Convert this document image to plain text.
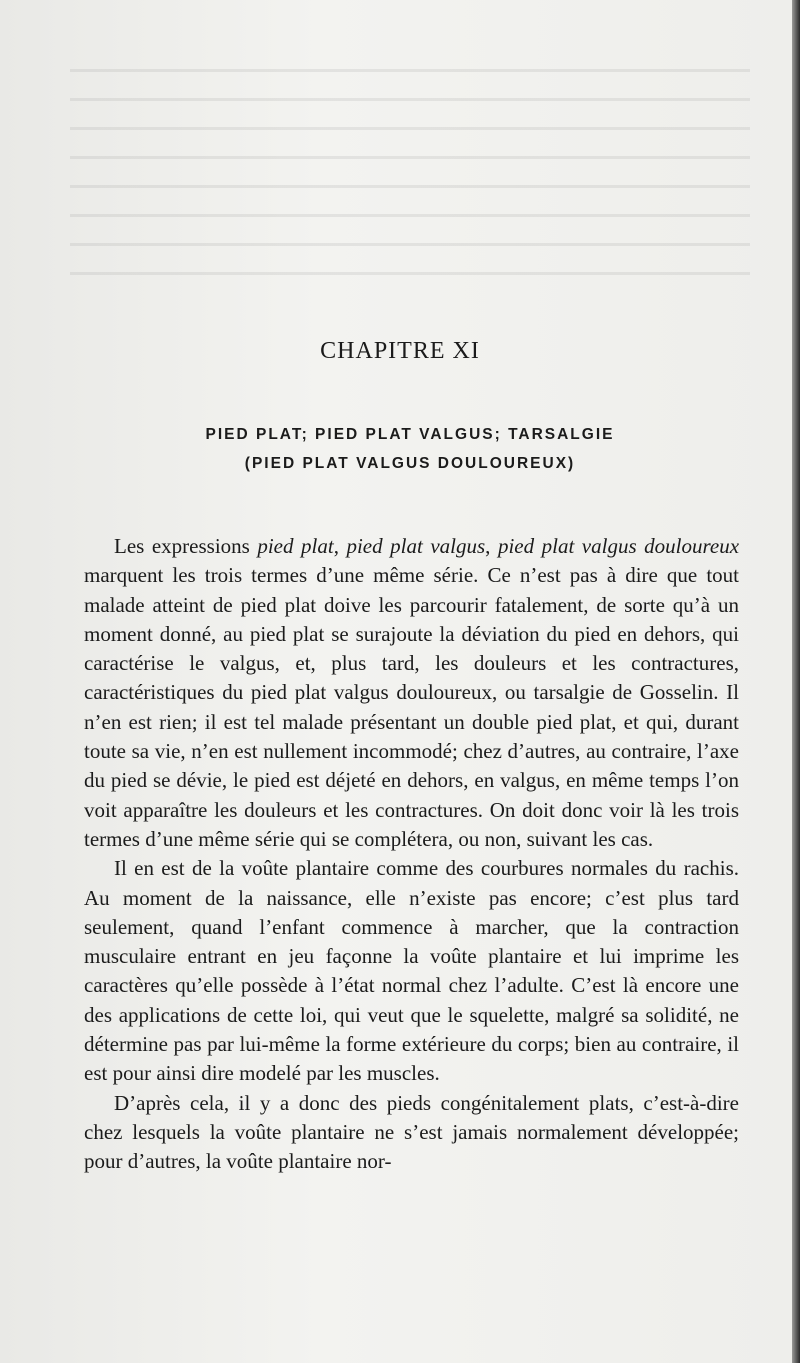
CHAPITRE XI
PIED PLAT; PIED PLAT VALGUS; TARSALGIE
(PIED PLAT VALGUS DOULOUREUX)

Les expressions pied plat, pied plat valgus, pied plat valgus douloureux marquent les trois termes d’une même série. Ce n’est pas à dire que tout malade atteint de pied plat doive les parcourir fatalement, de sorte qu’à un moment donné, au pied plat se surajoute la déviation du pied en dehors, qui caractérise le valgus, et, plus tard, les douleurs et les contractures, caractéristiques du pied plat valgus douloureux, ou tarsalgie de Gosselin. Il n’en est rien; il est tel malade présentant un double pied plat, et qui, durant toute sa vie, n’en est nullement incommodé; chez d’autres, au contraire, l’axe du pied se dévie, le pied est déjeté en dehors, en valgus, en même temps l’on voit apparaître les douleurs et les contractures. On doit donc voir là les trois termes d’une même série qui se complétera, ou non, suivant les cas.

Il en est de la voûte plantaire comme des courbures normales du rachis. Au moment de la naissance, elle n’existe pas encore; c’est plus tard seulement, quand l’enfant commence à marcher, que la contraction musculaire entrant en jeu façonne la voûte plantaire et lui imprime les caractères qu’elle possède à l’état normal chez l’adulte. C’est là encore une des applications de cette loi, qui veut que le squelette, malgré sa solidité, ne détermine pas par lui-même la forme extérieure du corps; bien au contraire, il est pour ainsi dire modelé par les muscles.

D’après cela, il y a donc des pieds congénitalement plats, c’est-à-dire chez lesquels la voûte plantaire ne s’est jamais normalement développée; pour d’autres, la voûte plantaire nor-
